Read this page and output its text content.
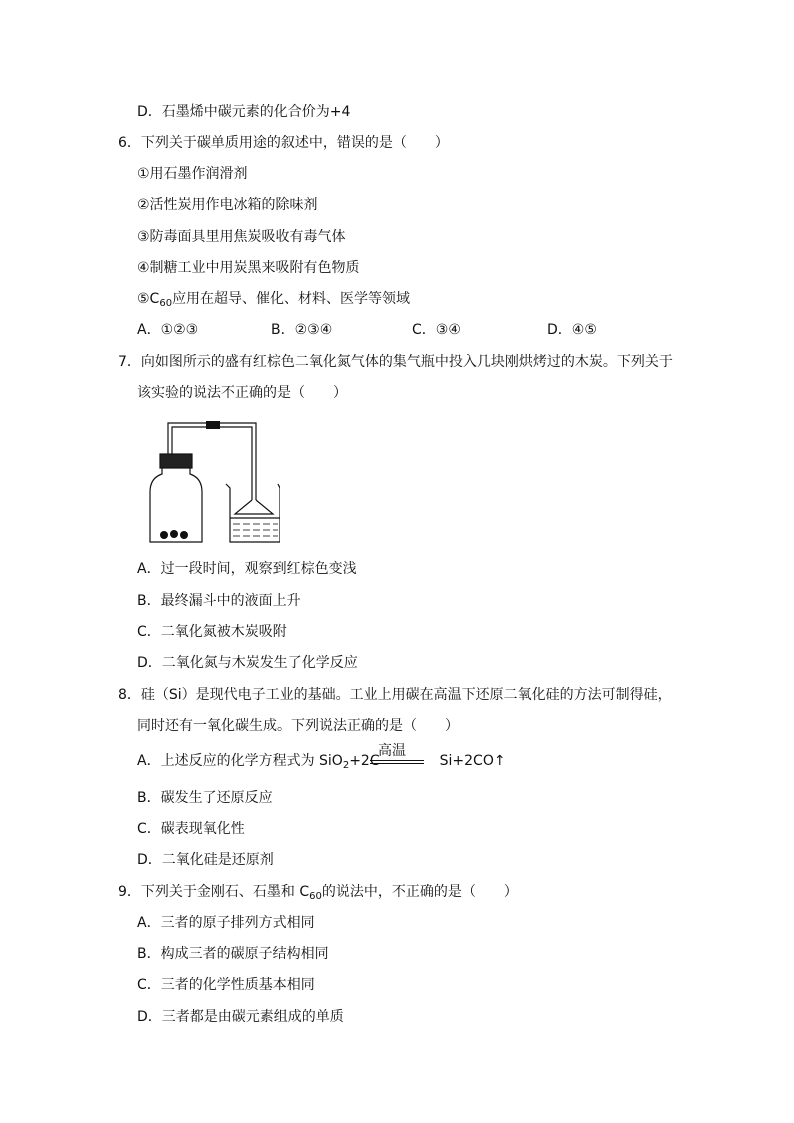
D．石墨烯中碳元素的化合价为+4
6．下列关于碳单质用途的叙述中，错误的是（　　）
①用石墨作润滑剂
②活性炭用作电冰箱的除味剂
③防毒面具里用焦炭吸收有毒气体
④制糖工业中用炭黑来吸附有色物质
$⑤C_{60}$应用在超导、催化、材料、医学等领域
A．①②③	B．②③④	C．③④	D．④⑤
7．向如图所示的盛有红棕色二氧化氮气体的集气瓶中投入几块刚烘烤过的木炭。下列关于
该实验的说法不正确的是（　　）
A．过一段时间，观察到红棕色变浅
B．最终漏斗中的液面上升
C．二氧化氮被木炭吸附
D．二氧化氮与木炭发生了化学反应
8．硅（Si）是现代电子工业的基础。工业上用碳在高温下还原二氧化硅的方法可制得硅，
同时还有一氧化碳生成。下列说法正确的是（　　）
A．上述反应的化学方程式为 SiO$_2$+2C	Si+2CO↑
高温
B．碳发生了还原反应
C．碳表现氧化性
D．二氧化硅是还原剂
9．下列关于金刚石、石墨和 $C_{60}$的说法中，不正确的是（　　）
A．三者的原子排列方式相同
B．构成三者的碳原子结构相同
C．三者的化学性质基本相同
D．三者都是由碳元素组成的单质
